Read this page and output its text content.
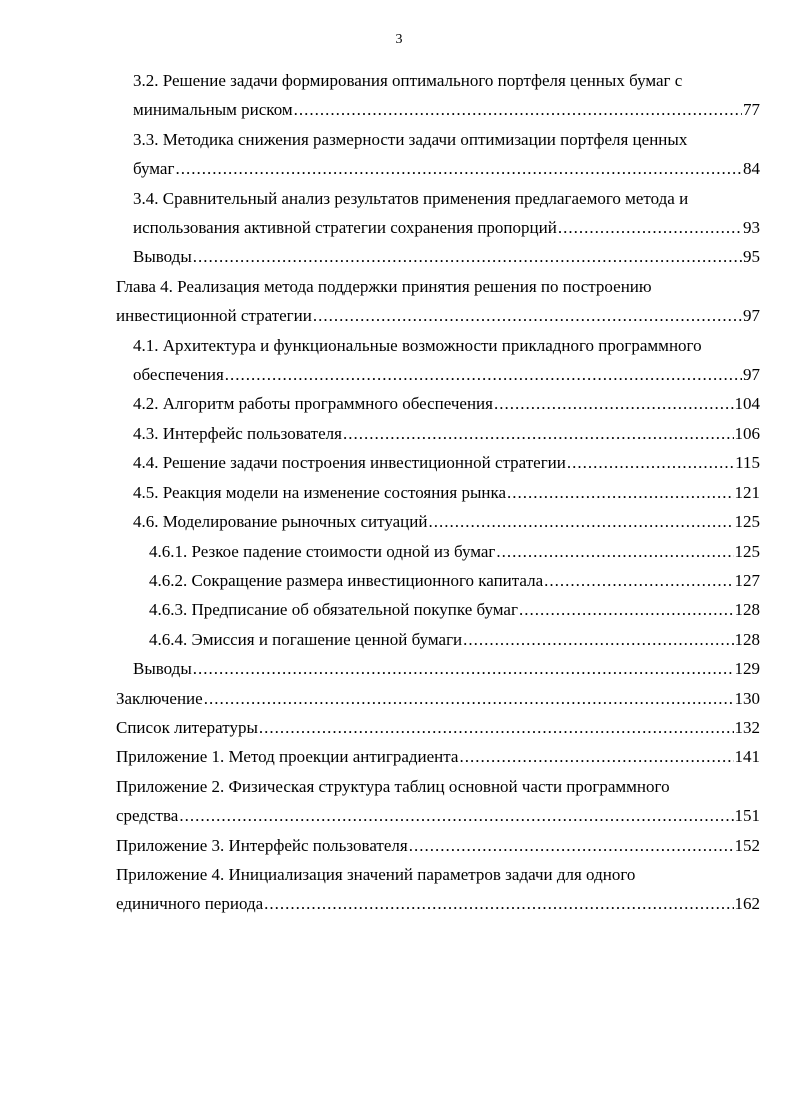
3
3.2. Решение задачи формирования оптимального портфеля ценных бумаг с
минимальным риском .....	77
3.3. Методика снижения размерности задачи оптимизации портфеля ценных
бумаг .....	84
3.4. Сравнительный анализ результатов применения предлагаемого метода и
использования активной стратегии сохранения пропорций .....	93
Выводы .....	95
Глава 4. Реализация метода поддержки принятия решения по построению
инвестиционной стратегии .....	97
4.1. Архитектура и функциональные возможности прикладного программного
обеспечения .....	97
4.2. Алгоритм работы программного обеспечения .....	104
4.3. Интерфейс пользователя .....	106
4.4. Решение задачи построения инвестиционной стратегии .....	115
4.5. Реакция модели на изменение состояния рынка .....	121
4.6. Моделирование рыночных ситуаций .....	125
4.6.1. Резкое падение стоимости одной из бумаг .....	125
4.6.2. Сокращение размера инвестиционного капитала .....	127
4.6.3. Предписание об обязательной покупке бумаг .....	128
4.6.4. Эмиссия и погашение ценной бумаги .....	128
Выводы .....	129
Заключение .....	130
Список литературы .....	132
Приложение 1. Метод проекции антиградиента .....	141
Приложение 2. Физическая структура таблиц основной части программного
средства .....	151
Приложение 3. Интерфейс пользователя .....	152
Приложение 4. Инициализация значений параметров задачи для одного
единичного периода .....	162
